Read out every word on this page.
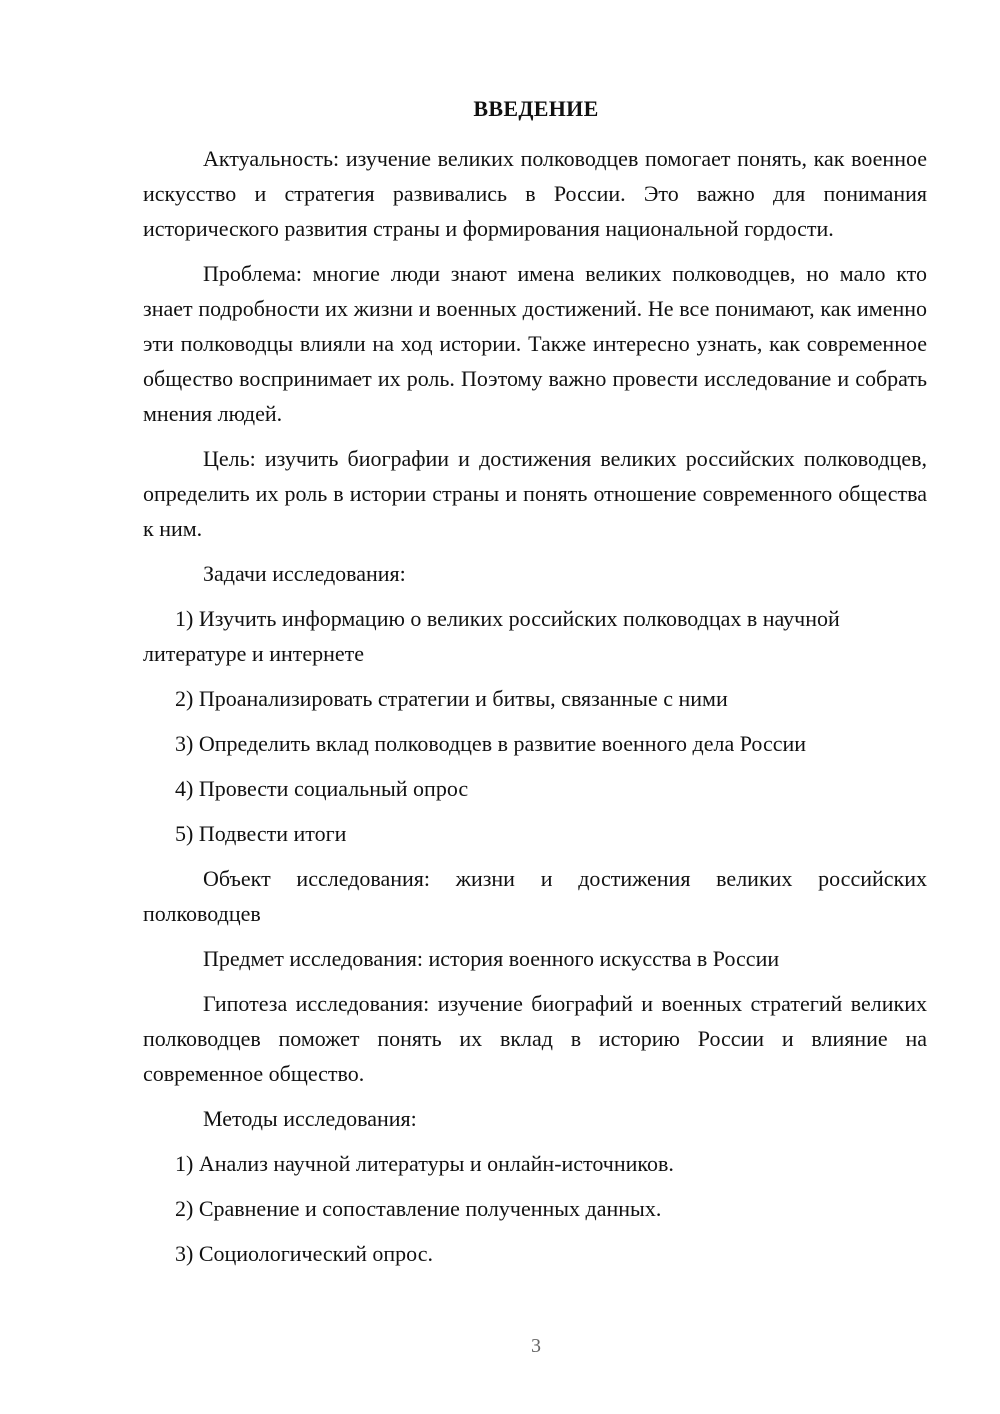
ВВЕДЕНИЕ

Актуальность: изучение великих полководцев помогает понять, как военное искусство и стратегия развивались в России. Это важно для понимания исторического развития страны и формирования национальной гордости.

Проблема: многие люди знают имена великих полководцев, но мало кто знает подробности их жизни и военных достижений. Не все понимают, как именно эти полководцы влияли на ход истории. Также интересно узнать, как современное общество воспринимает их роль. Поэтому важно провести исследование и собрать мнения людей.

Цель: изучить биографии и достижения великих российских полководцев, определить их роль в истории страны и понять отношение современного общества к ним.

Задачи исследования:

1) Изучить информацию о великих российских полководцах в научной литературе и интернете

2) Проанализировать стратегии и битвы, связанные с ними

3) Определить вклад полководцев в развитие военного дела России

4) Провести социальный опрос

5) Подвести итоги

Объект исследования: жизни и достижения великих российских полководцев

Предмет исследования: история военного искусства в России

Гипотеза исследования: изучение биографий и военных стратегий великих полководцев поможет понять их вклад в историю России и влияние на современное общество.

Методы исследования:

1) Анализ научной литературы и онлайн-источников.

2) Сравнение и сопоставление полученных данных.

3) Социологический опрос.

3
